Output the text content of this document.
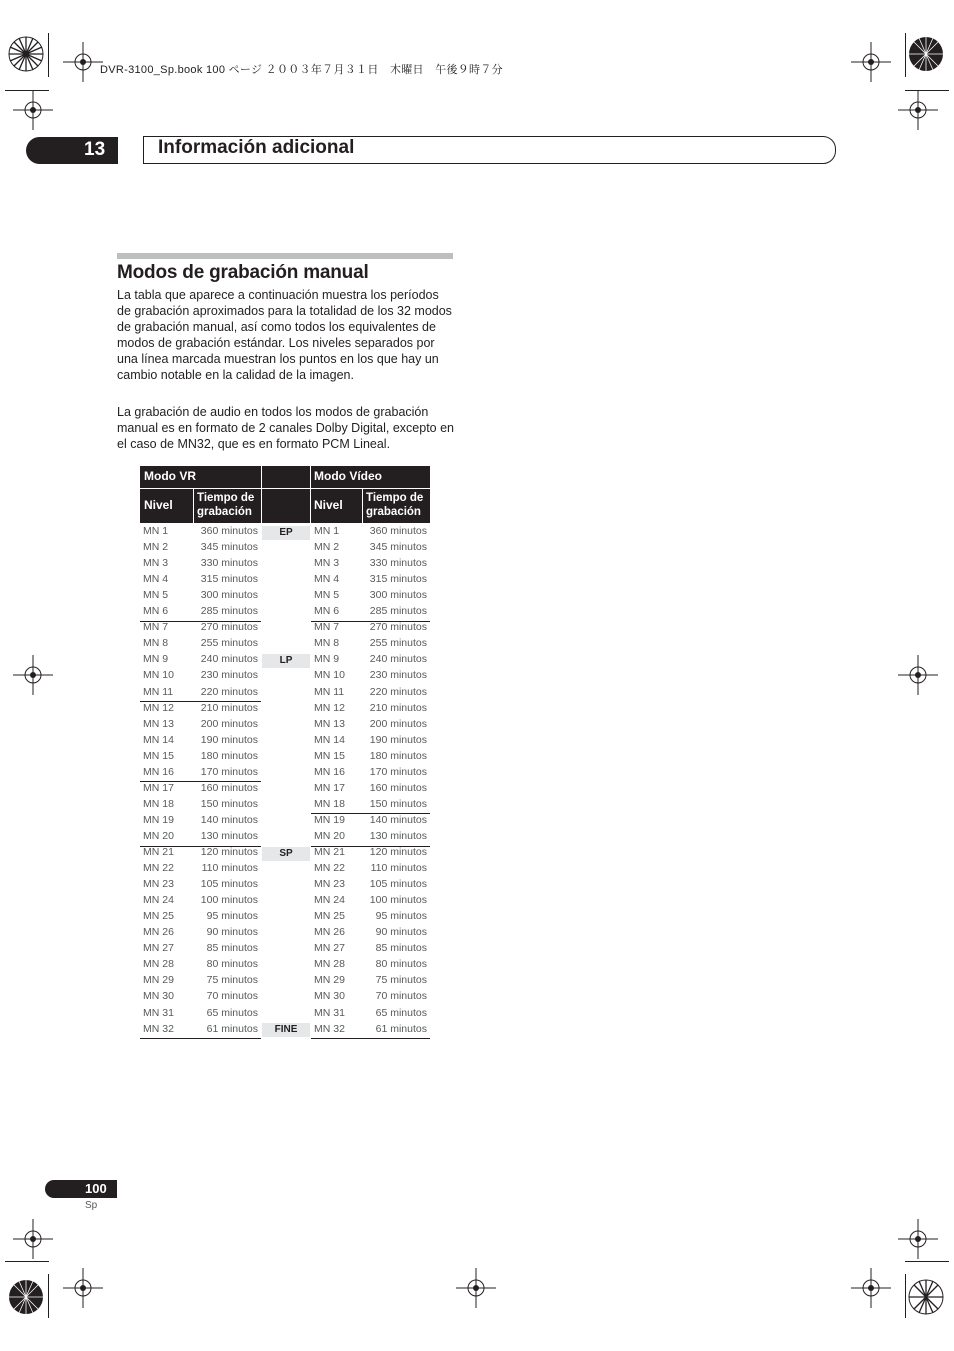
DVR-3100_Sp.book 100 ページ ２００３年７月３１日　木曜日　午後９時７分
13	Información adicional
Modos de grabación manual
La tabla que aparece a continuación muestra los períodos de grabación aproximados para la totalidad de los 32 modos de grabación manual, así como todos los equivalentes de modos de grabación estándar. Los niveles separados por una línea marcada muestran los puntos en los que hay un cambio notable en la calidad de la imagen.
La grabación de audio en todos los modos de grabación manual es en formato de 2 canales Dolby Digital, excepto en el caso de MN32, que es en formato PCM Lineal.
Modo VR	Modo Vídeo
Nivel Tiempo de grabación	Nivel Tiempo de grabación
MN 1	360 minutos	MN 1	360 minutos
EP
MN 2	345 minutos	MN 2	345 minutos
MN 3	330 minutos	MN 3	330 minutos
MN 4	315 minutos	MN 4	315 minutos
MN 5	300 minutos	MN 5	300 minutos
MN 6	285 minutos	MN 6	285 minutos
MN 7	270 minutos	MN 7	270 minutos
MN 8	255 minutos	MN 8	255 minutos
MN 9	240 minutos	MN 9	240 minutos
LP
MN 10	230 minutos	MN 10	230 minutos
MN 11	220 minutos	MN 11	220 minutos
MN 12	210 minutos	MN 12	210 minutos
MN 13	200 minutos	MN 13	200 minutos
MN 14	190 minutos	MN 14	190 minutos
MN 15	180 minutos	MN 15	180 minutos
MN 16	170 minutos	MN 16	170 minutos
MN 17	160 minutos	MN 17	160 minutos
MN 18	150 minutos	MN 18	150 minutos
MN 19	140 minutos	MN 19	140 minutos
MN 20	130 minutos	MN 20	130 minutos
MN 21	120 minutos	MN 21	120 minutos
SP
MN 22	110 minutos	MN 22	110 minutos
MN 23	105 minutos	MN 23	105 minutos
MN 24	100 minutos	MN 24	100 minutos
MN 25	95 minutos	MN 25	95 minutos
MN 26	90 minutos	MN 26	90 minutos
MN 27	85 minutos	MN 27	85 minutos
MN 28	80 minutos	MN 28	80 minutos
MN 29	75 minutos	MN 29	75 minutos
MN 30	70 minutos	MN 30	70 minutos
MN 31	65 minutos	MN 31	65 minutos
MN 32	61 minutos	MN 32	61 minutos
FINE
100
Sp
